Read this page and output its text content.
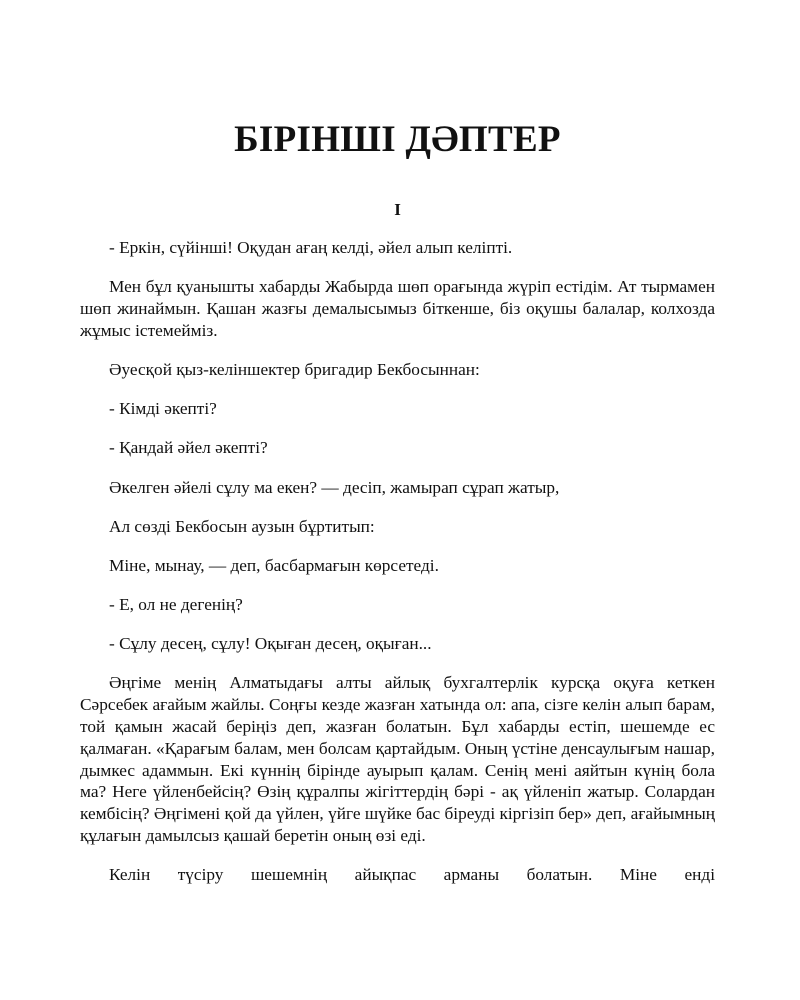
БІРІНШІ ДӘПТЕР
I

- Еркін, сүйінші! Оқудан ағаң келді, әйел алып келіпті.

Мен бұл қуанышты хабарды Жабырда шөп орағында жүріп естідім. Ат тырмамен шөп жинаймын. Қашан жазғы демалысымыз біткенше, біз оқушы балалар, колхозда жұмыс істемейміз.

Әуесқой қыз-келіншектер бригадир Бекбосыннан:

- Кімді әкепті?

- Қандай әйел әкепті?

Әкелген әйелі сұлу ма екен? — десіп, жамырап сұрап жатыр,

Ал сөзді Бекбосын аузын бұртитып:

Міне, мынау, — деп, басбармағын көрсетеді.

- Е, ол не дегенің?

- Сұлу десең, сұлу! Оқыған десең, оқыған...

Әңгіме менің Алматыдағы алты айлық бухгалтерлік курсқа оқуға кеткен Сәрсебек ағайым жайлы. Соңғы кезде жазған хатында ол: апа, сізге келін алып барам, той қамын жасай беріңіз деп, жазған болатын. Бұл хабарды естіп, шешемде ес қалмаған. «Қарағым балам, мен болсам қартайдым. Оның үстіне денсаулығым нашар, дымкес адаммын. Екі күннің бірінде ауырып қалам. Сенің мені аяйтын күнің бола ма? Неге үйленбейсің? Өзің құралпы жігіттердің бәрі - ақ үйленіп жатыр. Солардан кембісің? Әңгімені қой да үйлен, үйге шүйке бас біреуді кіргізіп бер» деп, ағайымның құлағын дамылсыз қашай беретін оның өзі еді.

Келін түсіру шешемнің айықпас арманы болатын. Міне енді
